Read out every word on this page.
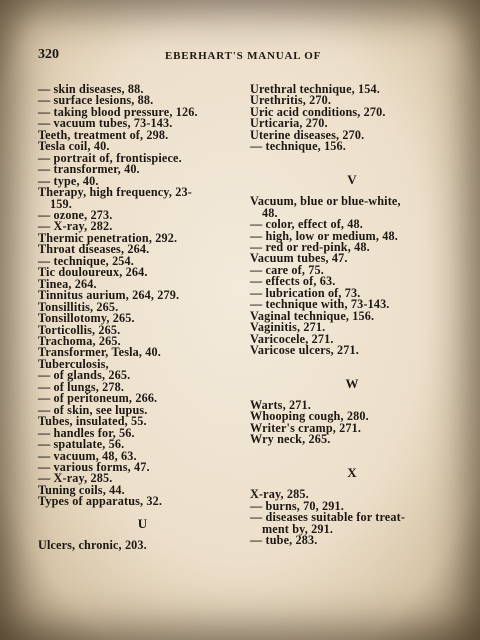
320	EBERHART'S MANUAL OF
— skin diseases, 88.
— surface lesions, 88.
— taking blood pressure, 126.
— vacuum tubes, 73-143.
Teeth, treatment of, 298.
Tesla coil, 40.
— portrait of, frontispiece.
— transformer, 40.
— type, 40.
Therapy, high frequency, 23-
159.
— ozone, 273.
— X-ray, 282.
Thermic penetration, 292.
Throat diseases, 264.
— technique, 254.
Tic douloureux, 264.
Tinea, 264.
Tinnitus aurium, 264, 279.
Tonsillitis, 265.
Tonsillotomy, 265.
Torticollis, 265.
Trachoma, 265.
Transformer, Tesla, 40.
Tuberculosis,
— of glands, 265.
— of lungs, 278.
— of peritoneum, 266.
— of skin, see lupus.
Tubes, insulated, 55.
— handles for, 56.
— spatulate, 56.
— vacuum, 48, 63.
— various forms, 47.
— X-ray, 285.
Tuning coils, 44.
Types of apparatus, 32.
U
Ulcers, chronic, 203.
Urethral technique, 154.
Urethritis, 270.
Uric acid conditions, 270.
Urticaria, 270.
Uterine diseases, 270.
— technique, 156.
V
Vacuum, blue or blue-white,
48.
— color, effect of, 48.
— high, low or medium, 48.
— red or red-pink, 48.
Vacuum tubes, 47.
— care of, 75.
— effects of, 63.
— lubrication of, 73.
— technique with, 73-143.
Vaginal technique, 156.
Vaginitis, 271.
Varicocele, 271.
Varicose ulcers, 271.
W
Warts, 271.
Whooping cough, 280.
Writer's cramp, 271.
Wry neck, 265.
X
X-ray, 285.
— burns, 70, 291.
— diseases suitable for treat-
ment by, 291.
— tube, 283.
